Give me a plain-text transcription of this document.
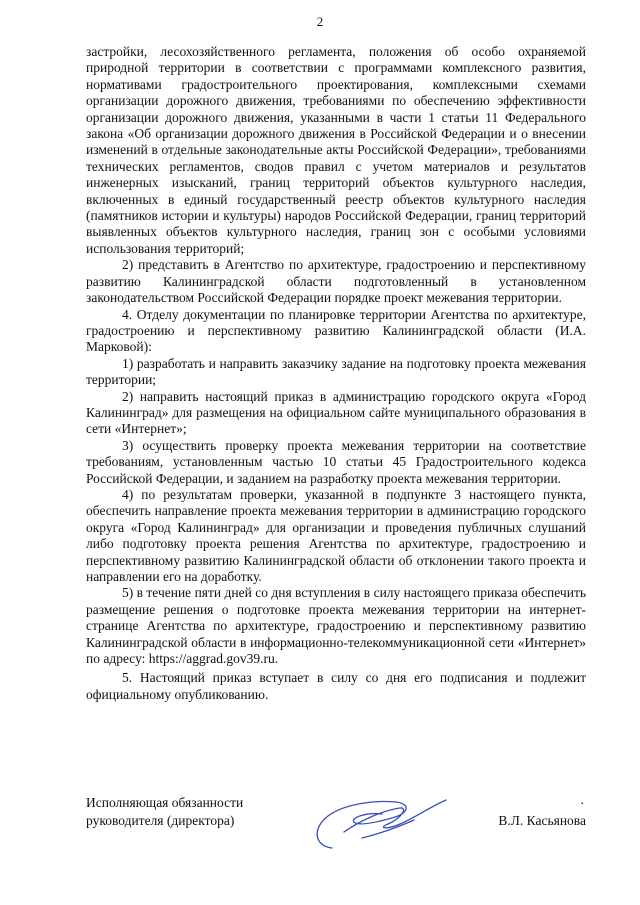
2

застройки, лесохозяйственного регламента, положения об особо охраняемой природной территории в соответствии с программами комплексного развития, нормативами градостроительного проектирования, комплексными схемами организации дорожного движения, требованиями по обеспечению эффективности организации дорожного движения, указанными в части 1 статьи 11 Федерального закона «Об организации дорожного движения в Российской Федерации и о внесении изменений в отдельные законодательные акты Российской Федерации», требованиями технических регламентов, сводов правил с учетом материалов и результатов инженерных изысканий, границ территорий объектов культурного наследия, включенных в единый государственный реестр объектов культурного наследия (памятников истории и культуры) народов Российской Федерации, границ территорий выявленных объектов культурного наследия, границ зон с особыми условиями использования территорий;

2) представить в Агентство по архитектуре, градостроению и перспективному развитию Калининградской области подготовленный в установленном законодательством Российской Федерации порядке проект межевания территории.

4. Отделу документации по планировке территории Агентства по архитектуре, градостроению и перспективному развитию Калининградской области (И.А. Марковой):

1) разработать и направить заказчику задание на подготовку проекта межевания территории;

2) направить настоящий приказ в администрацию городского округа «Город Калининград» для размещения на официальном сайте муниципального образования в сети «Интернет»;

3) осуществить проверку проекта межевания территории на соответствие требованиям, установленным частью 10 статьи 45 Градостроительного кодекса Российской Федерации, и заданием на разработку проекта межевания территории.

4) по результатам проверки, указанной в подпункте 3 настоящего пункта, обеспечить направление проекта межевания территории в администрацию городского округа «Город Калининград» для организации и проведения публичных слушаний либо подготовку проекта решения Агентства по архитектуре, градостроению и перспективному развитию Калининградской области об отклонении такого проекта и направлении его на доработку.

5) в течение пяти дней со дня вступления в силу настоящего приказа обеспечить размещение решения о подготовке проекта межевания территории на интернет-странице Агентства по архитектуре, градостроению и перспективному развитию Калининградской области в информационно-телекоммуникационной сети «Интернет» по адресу: https://aggrad.gov39.ru.

5. Настоящий приказ вступает в силу со дня его подписания и подлежит официальному опубликованию.

Исполняющая обязанности
руководителя (директора)
.
В.Л. Касьянова
